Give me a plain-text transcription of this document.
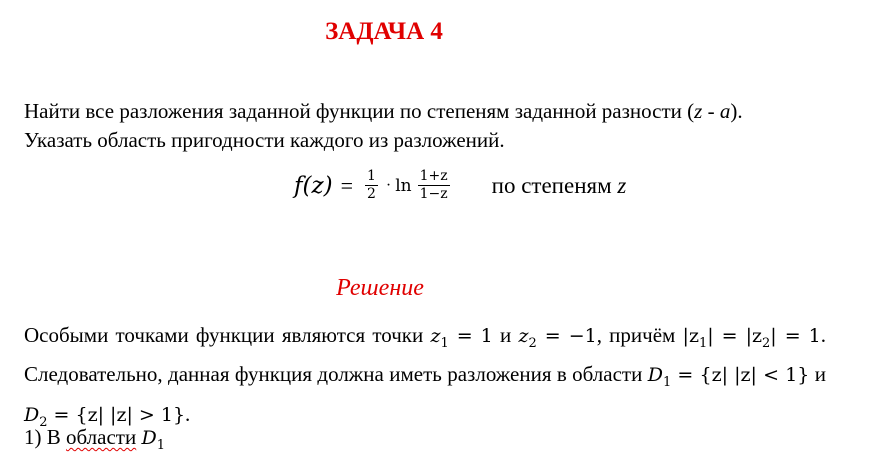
ЗАДАЧА 4
Найти все разложения заданной функции по степеням заданной разности (z - a).
Указать область пригодности каждого из разложений.
$f(z) = \frac{1}{2} \cdot \ln \frac{1+z}{1-z}$ по степеням z
Решение
Особыми точками функции являются точки $z_1 = 1$ и $z_2 = -1$, причём $|z_1| = |z_2| = 1$. Следовательно, данная функция должна иметь разложения в области $D_1 = \{z|$ |z| < 1} и $D_2 = \{z|$ |z| > 1}.
1) В области $D_1$
